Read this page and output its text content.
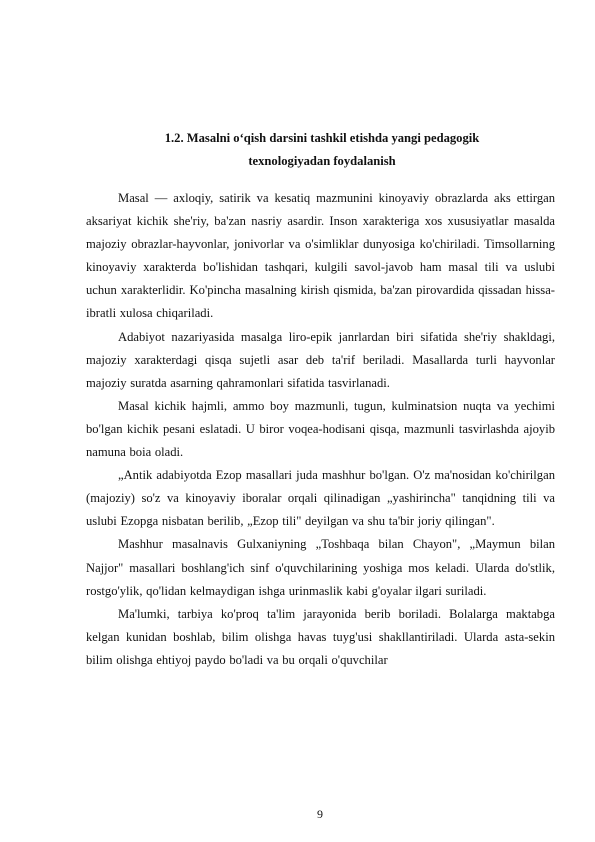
1.2. Masalni o‘qish darsini tashkil etishda yangi pedagogik
texnologiyadan foydalanish

Masal — axloqiy, satirik va kesatiq mazmunini kinoyaviy obrazlarda aks ettirgan aksariyat kichik she'riy, ba'zan nasriy asardir. Inson xarakteriga xos xususiyatlar masalda majoziy obrazlar-hayvonlar, jonivorlar va o'simliklar dunyosiga ko'chiriladi. Timsollarning kinoyaviy xarakterda bo'lishidan tashqari, kulgili savol-javob ham masal tili va uslubi uchun xarakterlidir. Ko'pincha masalning kirish qismida, ba'zan pirovardida qissadan hissa-ibratli xulosa chiqariladi.

Adabiyot nazariyasida masalga liro-epik janrlardan biri sifatida she'riy shakldagi, majoziy xarakterdagi qisqa sujetli asar deb ta'rif beriladi. Masallarda turli hayvonlar majoziy suratda asarning qahramonlari sifatida tasvirlanadi.

Masal kichik hajmli, ammo boy mazmunli, tugun, kulminatsion nuqta va yechimi bo'lgan kichik pesani eslatadi. U biror voqea-hodisani qisqa, mazmunli tasvirlashda ajoyib namuna boia oladi.

„Antik adabiyotda Ezop masallari juda mashhur bo'lgan. O'z ma'nosidan ko'chirilgan (majoziy) so'z va kinoyaviy iboralar orqali qilinadigan „yashirincha" tanqidning tili va uslubi Ezopga nisbatan berilib, „Ezop tili" deyilgan va shu ta'bir joriy qilingan".

Mashhur masalnavis Gulxaniyning „Toshbaqa bilan Chayon", „Maymun bilan Najjor" masallari boshlang'ich sinf o'quvchilarining yoshiga mos keladi. Ularda do'stlik, rostgo'ylik, qo'lidan kelmaydigan ishga urinmaslik kabi g'oyalar ilgari suriladi.

Ma'lumki, tarbiya ko'proq ta'lim jarayonida berib boriladi. Bolalarga maktabga kelgan kunidan boshlab, bilim olishga havas tuyg'usi shakllantiriladi. Ularda asta-sekin bilim olishga ehtiyoj paydo bo'ladi va bu orqali o'quvchilar

9
